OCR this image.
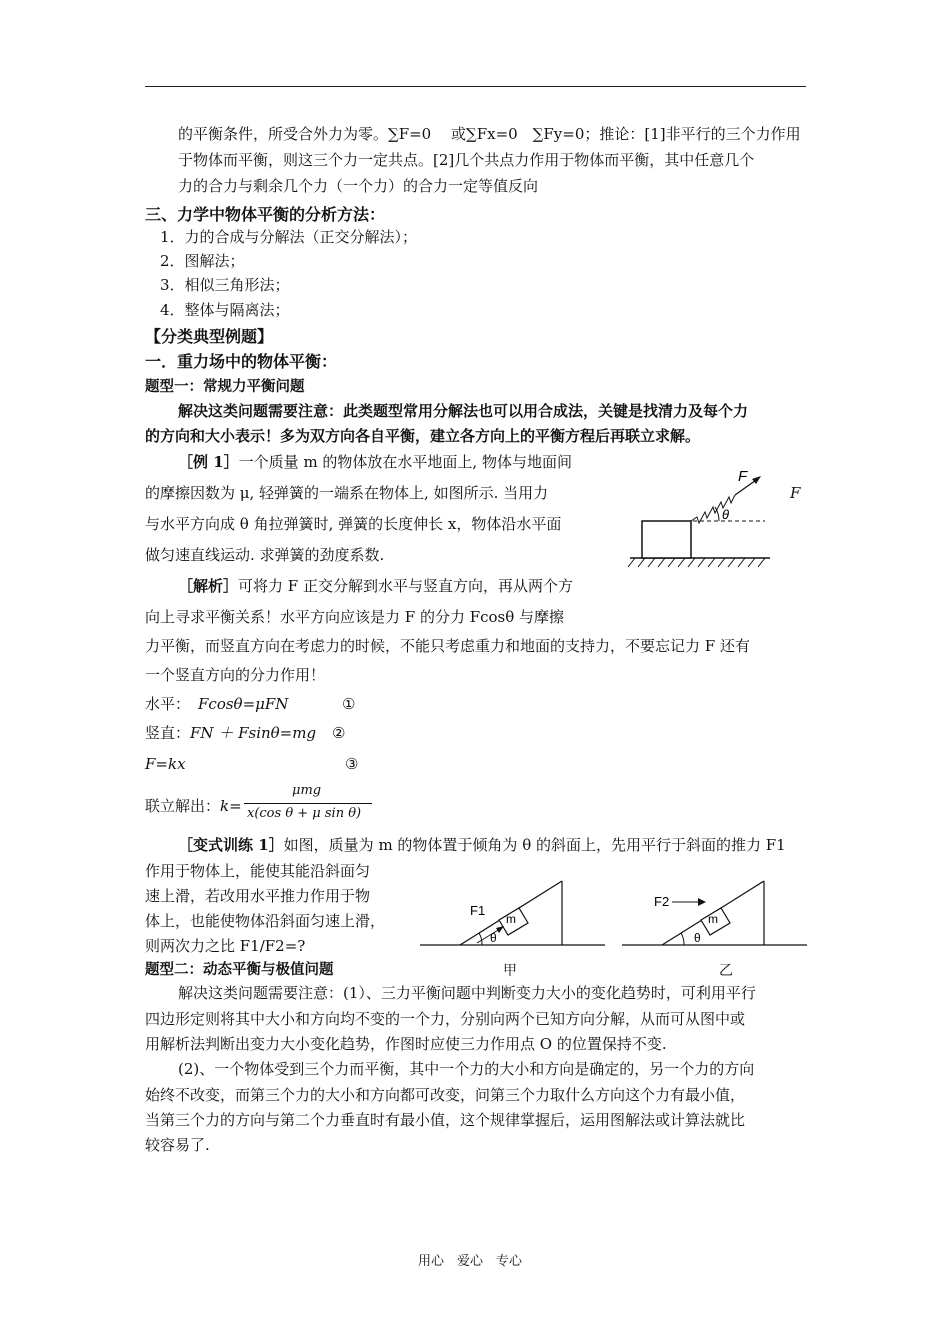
的平衡条件，所受合外力为零。∑F=0　 或∑Fx=0　∑Fy=0；推论：[1]非平行的三个力作用
于物体而平衡，则这三个力一定共点。[2]几个共点力作用于物体而平衡，其中任意几个
力的合力与剩余几个力（一个力）的合力一定等值反向
三、力学中物体平衡的分析方法：
1．力的合成与分解法（正交分解法）；
2．图解法；
3．相似三角形法；
4．整体与隔离法；
【分类典型例题】
一．重力场中的物体平衡：
题型一：常规力平衡问题
解决这类问题需要注意：此类题型常用分解法也可以用合成法，关键是找清力及每个力
的方向和大小表示！多为双方向各自平衡，建立各方向上的平衡方程后再联立求解。
［例 1］一个质量 m 的物体放在水平地面上, 物体与地面间
的摩擦因数为 μ, 轻弹簧的一端系在物体上, 如图所示. 当用力
与水平方向成 θ 角拉弹簧时, 弹簧的长度伸长 x，物体沿水平面
做匀速直线运动. 求弹簧的劲度系数.
F
F
θ
［解析］可将力 F 正交分解到水平与竖直方向，再从两个方
向上寻求平衡关系！水平方向应该是力 F 的分力 Fcosθ 与摩擦
力平衡，而竖直方向在考虑力的时候，不能只考虑重力和地面的支持力，不要忘记力 F 还有
一个竖直方向的分力作用！
水平： Fcosθ=μFN	①
竖直：FN ＋ Fsinθ=mg ②
F=kx	③
联立解出：k=
μmg
x(cos θ + μ sin θ)
［变式训练 1］如图，质量为 m 的物体置于倾角为 θ 的斜面上，先用平行于斜面的推力 F1
作用于物体上，能使其能沿斜面匀
速上滑，若改用水平推力作用于物
体上，也能使物体沿斜面匀速上滑，
则两次力之比 F1/F2=?
F1
m
θ
甲
F2
m
θ
乙
题型二：动态平衡与极值问题
解决这类问题需要注意：(1）、三力平衡问题中判断变力大小的变化趋势时，可利用平行
四边形定则将其中大小和方向均不变的一个力，分别向两个已知方向分解，从而可从图中或
用解析法判断出变力大小变化趋势，作图时应使三力作用点 O 的位置保持不变.
(2)、一个物体受到三个力而平衡，其中一个力的大小和方向是确定的，另一个力的方向
始终不改变，而第三个力的大小和方向都可改变，问第三个力取什么方向这个力有最小值，
当第三个力的方向与第二个力垂直时有最小值，这个规律掌握后，运用图解法或计算法就比
较容易了.
用心　爱心　专心
